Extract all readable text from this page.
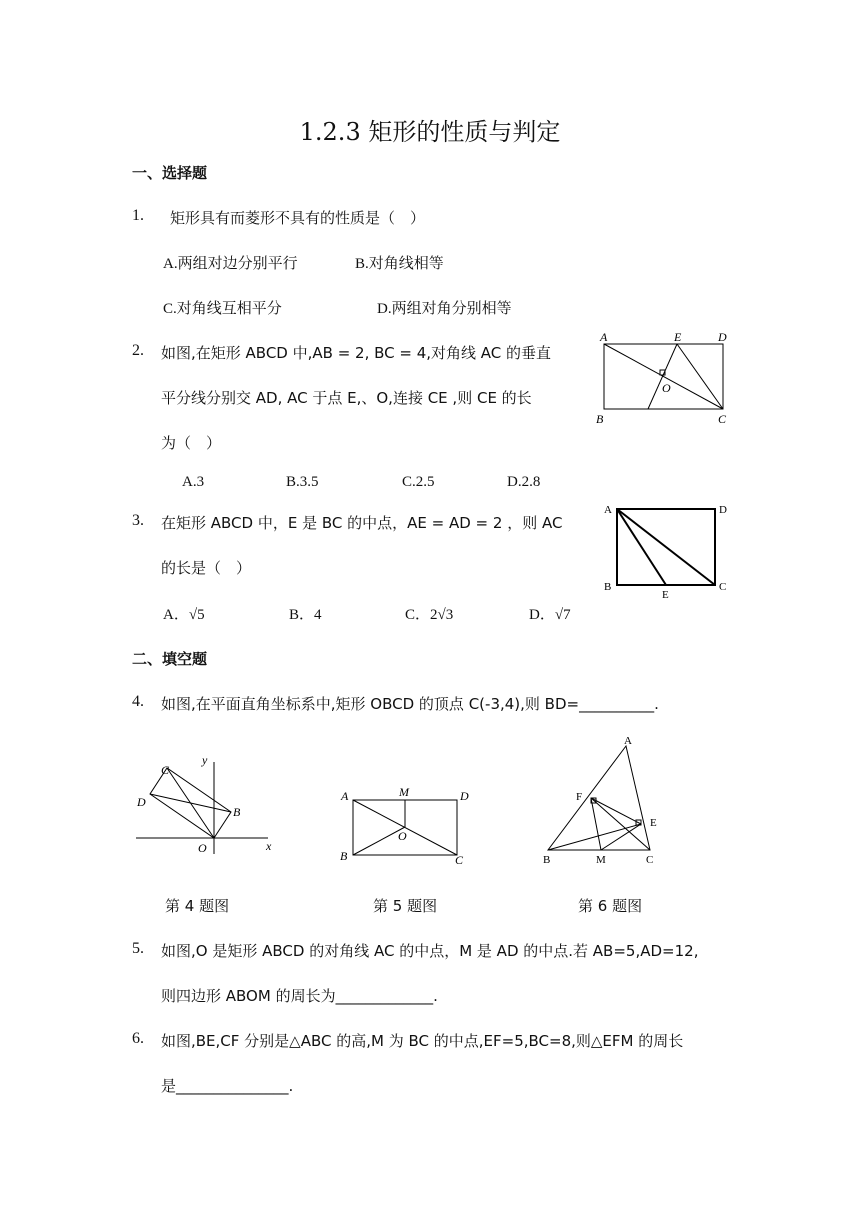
1.2.3 矩形的性质与判定
一、选择题
1. 矩形具有而菱形不具有的性质是（　）
A.两组对边分别平行	B.对角线相等
C.对角线互相平分	D.两组对角分别相等
2. 如图,在矩形 ABCD 中,AB = 2, BC = 4,对角线 AC 的垂直
平分线分别交 AD, AC 于点 E,、O,连接 CE ,则 CE 的长
为（　）
A.3	B.3.5	C.2.5	D.2.8
A	E	D
O
B	C
3. 在矩形 ABCD 中，E 是 BC 的中点，AE = AD = 2 ，则 AC
的长是（　）
A．√5	B．4	C．2√3	D．√7
A	D
B
E
C
二、填空题
4. 如图,在平面直角坐标系中,矩形 OBCD 的顶点 C(-3,4),则 BD=__________.
y
C
D
B
O	x
A	M	D
O
B	C
A
F
E
B	M	C
第 4 题图	第 5 题图	第 6 题图
5. 如图,O 是矩形 ABCD 的对角线 AC 的中点，M 是 AD 的中点.若 AB=5,AD=12,
则四边形 ABOM 的周长为_____________.
6. 如图,BE,CF 分别是△ABC 的高,M 为 BC 的中点,EF=5,BC=8,则△EFM 的周长
是_______________.
